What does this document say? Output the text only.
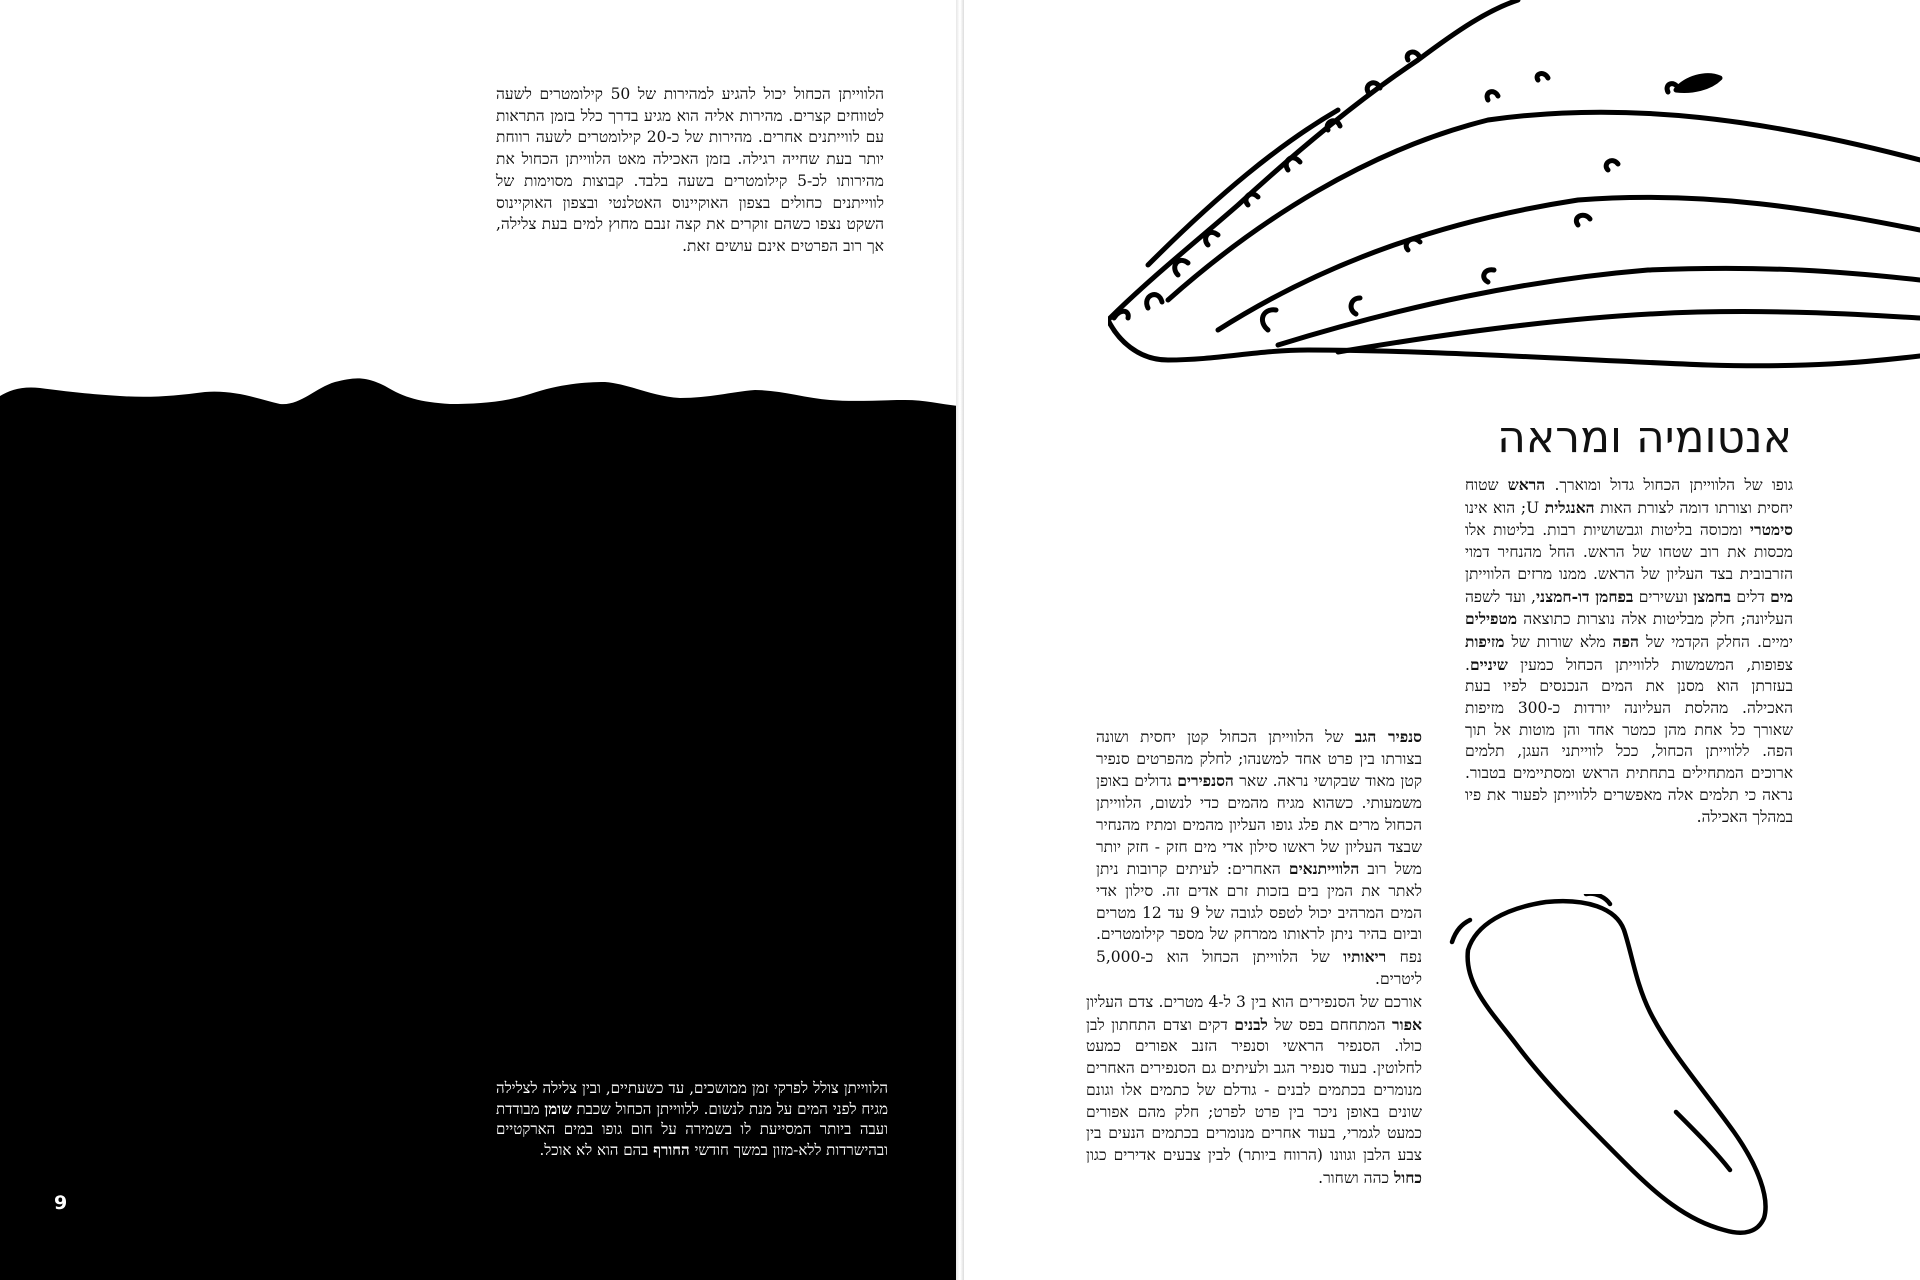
הלווייתן הכחול יכול להגיע למהירות של 50 קילומטרים לשעה לטווחים קצרים. מהירות אליה הוא מגיע בדרך כלל בזמן התראות עם לווייתנים אחרים. מהירות של כ-20 קילומטרים לשעה רווחת יותר בעת שחייה רגילה. בזמן האכילה מאט הלווייתן הכחול את מהירותו לכ-5 קילומטרים בשעה בלבד. קבוצות מסוימות של לווייתנים כחולים בצפון האוקיינוס האטלנטי ובצפון האוקיינוס השקט נצפו כשהם זוקרים את קצה זנבם מחוץ למים בעת צלילה, אך רוב הפרטים אינם עושים זאת.

הלווייתן צולל לפרקי זמן ממושכים, עד כשעתיים, ובין צלילה לצלילה מגיח לפני המים על מנת לנשום. ללווייתן הכחול שכבת שומן מבודדת ועבה ביותר המסייעת לו בשמירה על חום גופו במים הארקטיים ובהישרדות ללא-מזון במשך חודשי החורף בהם הוא לא אוכל.

9
אנטומיה ומראה

גופו של הלווייתן הכחול גדול ומוארך. הראש שטוח יחסית וצורתו דומה לצורת האות האנגלית U; הוא אינו סימטרי ומכוסה בליטות וגבשושיות רבות. בליטות אלו מכסות את רוב שטחו של הראש. החל מהנחיר דמוי הזרבובית בצד העליון של הראש. ממנו מרזים הלווייתן מים דלים בחמצן ועשירים בפחמן דו-חמצני, ועד לשפה העליונה; חלק מבליטות אלה נוצרות כתוצאה מטפילים ימיים. החלק הקדמי של הפה מלא שורות של מזיפות צפופות, המשמשות ללווייתן הכחול כמעין שיניים. בעזרתן הוא מסנן את המים הנכנסים לפיו בעת האכילה. מהלסת העליונה יורדות כ-300 מזיפות שאורך כל אחת מהן כמטר אחד והן מוטות אל תוך הפה. ללווייתן הכחול, ככל לווייתני העגן, תלמים ארוכים המתחילים בתחתית הראש ומסתיימים בטבור. נראה כי תלמים אלה מאפשרים ללווייתן לפעור את פיו במהלך האכילה.

סנפיר הגב של הלווייתן הכחול קטן יחסית ושונה בצורתו בין פרט אחד למשנהו; לחלק מהפרטים סנפיר קטן מאוד שבקושי נראה. שאר הסנפירים גדולים באופן משמעותי. כשהוא מגיח מהמים כדי לנשום, הלווייתן הכחול מרים את פלג גופו העליון מהמים ומתיז מהנחיר שבצד העליון של ראשו סילון אדי מים חזק - חזק יותר משל רוב הלווייתנאים האחרים: לעיתים קרובות ניתן לאתר את המין בים בזכות זרם אדים זה. סילון אדי המים המרהיב יכול לטפס לגובה של 9 עד 12 מטרים וביום בהיר ניתן לראותו ממרחק של מספר קילומטרים. נפח ריאותיו של הלווייתן הכחול הוא כ-5,000 ליטרים.

אורכם של הסנפירים הוא בין 3 ל-4 מטרים. צדם העליון אפור המתחחם בפס של לבנים דקים וצדם התחתון לבן כולו. הסנפיר הראשי וסנפיר הזנב אפורים כמעט לחלוטין. בעוד סנפיר הגב ולעיתים גם הסנפירים האחרים מנומרים בכתמים לבנים - גודלם של כתמים אלו וגונם שונים באופן ניכר בין פרט לפרט; חלק מהם אפורים כמעט לגמרי, בעוד אחרים מנומרים בכתמים הנעים בין צבע הלבן וגוונו (הרווח ביותר) לבין צבעים אדירים כגון כחול כהה ושחור.
